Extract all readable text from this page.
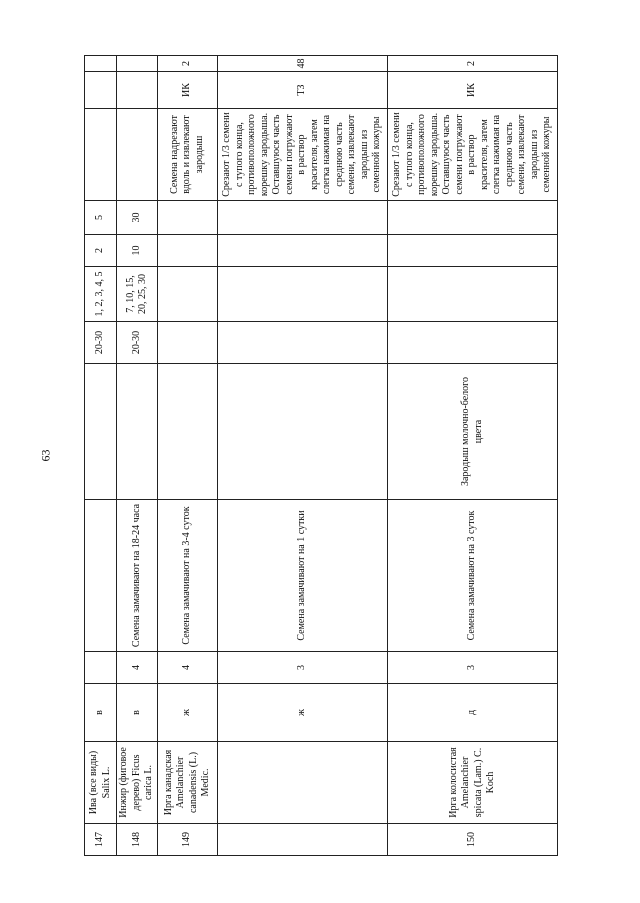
63
147	Ива (все виды) Salix L.	в				20-30	1, 2, 3, 4, 5	2	5			
148	Инжир (фиговое дерево) Ficus carica L.	в	4	Семена замачивают на 18-24 часа		20-30	7, 10, 15, 20, 25, 30	10	30			
149	Ирга канадская Amelanchier canadensis (L.) Medic.	ж	4	Семена замачивают на 3-4 суток						Семена надрезают вдоль и извлекают зародыш	ИК	2
		ж	3	Семена замачивают на 1 сутки						Срезают 1/3 семени с тупого конца, противоположного корешку зародыша. Оставшуюся часть семени погружают в раствор красителя, затем слегка нажимая на среднюю часть семени, извлекают зародыш из семенной кожуры	ТЗ	48
150	Ирга колосистая Amelanchier spicata (Lam.) C. Koch	д	3	Семена замачивают на 3 суток	Зародыш молочно-белого цвета					Срезают 1/3 семени с тупого конца, противоположного корешку зародыша. Оставшуюся часть семени погружают в раствор красителя, затем слегка нажимая на среднюю часть семени, извлекают зародыш из семенной кожуры	ИК	2
